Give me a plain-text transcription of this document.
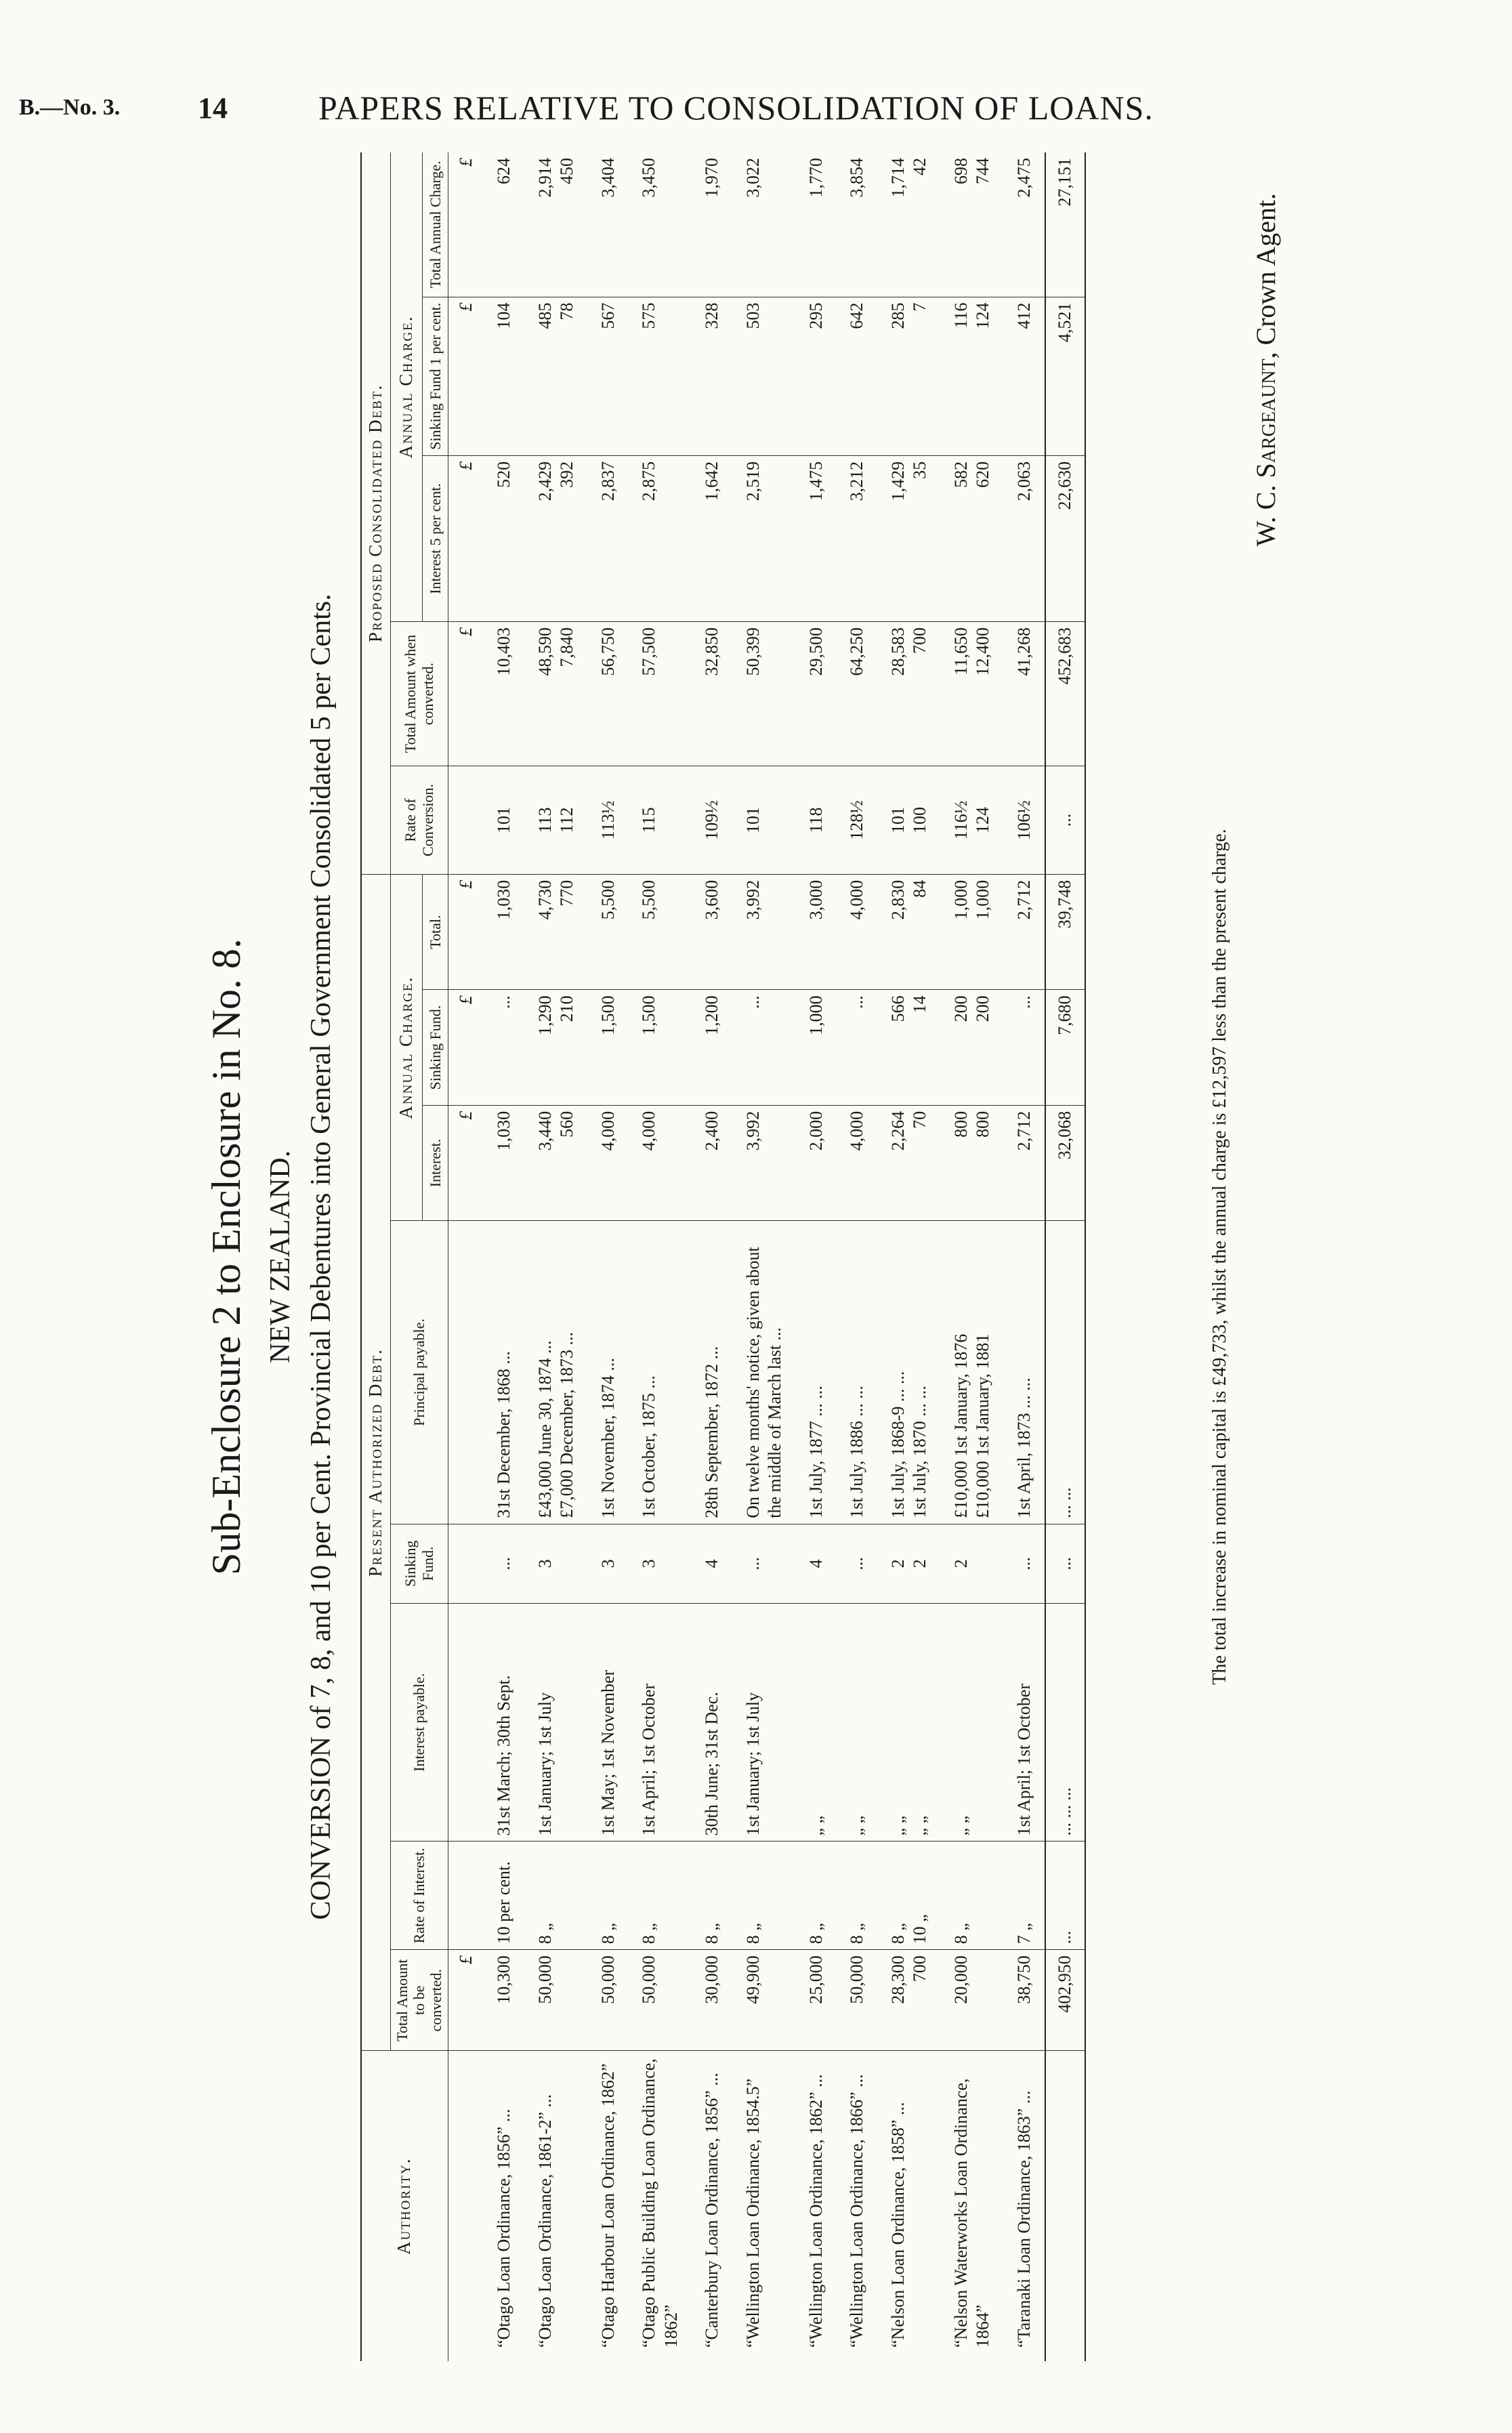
B.—No. 3.	14	PAPERS RELATIVE TO CONSOLIDATION OF LOANS.
Sub-Enclosure 2 to Enclosure in No. 8. NEW ZEALAND. CONVERSION of 7, 8, and 10 per Cent. Provincial Debentures into General Government Consolidated 5 per Cents.
Authority.	Present Authorized Debt.								Proposed Consolidated Debt.				
	Total Amount to be converted.	Rate of Interest.	Interest payable.	Sinking Fund.	Principal payable.	Annual Charge.			Rate of Conversion.	Total Amount when converted.	Annual Charge.		
						Interest.	Sinking Fund.	Total.			Interest 5 per cent.	Sinking Fund 1 per cent.	Total Annual Charge.
	£					£	£	£		£	£	£	£
“Otago Loan Ordinance, 1856” ...	10,300	10 per cent.	31st March; 30th Sept.	...	31st December, 1868 ...	1,030	...	1,030	101	10,403	520	104	624
“Otago Loan Ordinance, 1861-2” ...	50,000	8 „	1st January; 1st July	3	£43,000 June 30, 1874 ... £7,000 December, 1873 ...	3,440 560	1,290 210	4,730 770	113 112	48,590 7,840	2,429 392	485 78	2,914 450

“Otago Harbour Loan Ordinance, 1862”	50,000	8 „	1st May; 1st November	3	1st November, 1874 ...	4,000	1,500	5,500	113½	56,750	2,837	567	3,404
“Otago Public Building Loan Ordinance, 1862”	50,000	8 „	1st April; 1st October	3	1st October, 1875 ...	4,000	1,500	5,500	115	57,500	2,875	575	3,450
“Canterbury Loan Ordinance, 1856” ...	30,000	8 „	30th June; 31st Dec.	4	28th September, 1872 ...	2,400	1,200	3,600	109½	32,850	1,642	328	1,970
“Wellington Loan Ordinance, 1854.5”	49,900	8 „	1st January; 1st July	...	On twelve months' notice, given about the middle of March last ...	3,992	...	3,992	101	50,399	2,519	503	3,022
“Wellington Loan Ordinance, 1862” ...	25,000	8 „	„ „	4	1st July, 1877 ... ...	2,000	1,000	3,000	118	29,500	1,475	295	1,770
“Wellington Loan Ordinance, 1866” ...	50,000	8 „	„ „	...	1st July, 1886 ... ...	4,000	...	4,000	128½	64,250	3,212	642	3,854
“Nelson Loan Ordinance, 1858” ...	28,300 700	8 „ 10 „	„ „ „ „	2 2	1st July, 1868-9 ... ... 1st July, 1870 ... ...	2,264 70	566 14	2,830 84	101 100	28,583 700	1,429 35	285 7	1,714 42

“Nelson Waterworks Loan Ordinance, 1864”	20,000	8 „	„ „	2	£10,000 1st January, 1876 £10,000 1st January, 1881	800 800	200 200	1,000 1,000	116½ 124	11,650 12,400	582 620	116 124	698 744

“Taranaki Loan Ordinance, 1863” ...	38,750	7 „	1st April; 1st October	...	1st April, 1873 ... ...	2,712	...	2,712	106½	41,268	2,063	412	2,475
	402,950	...	... ... ...	...	... ...	32,068	7,680	39,748	...	452,683	22,630	4,521	27,151
The total increase in nominal capital is £49,733, whilst the annual charge is £12,597 less than the present charge.
W. C. Sargeaunt, Crown Agent.
